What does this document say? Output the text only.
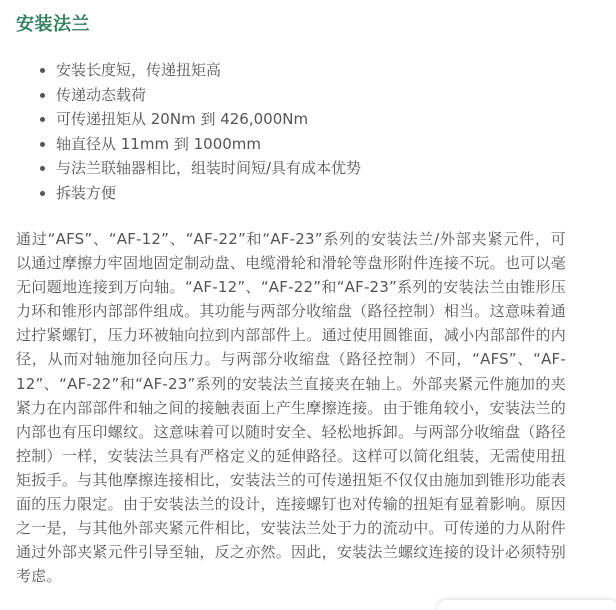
安装法兰
安装长度短，传递扭矩高
传递动态载荷
可传递扭矩从 20Nm 到 426,000Nm
轴直径从 11mm 到 1000mm
与法兰联轴器相比，组装时间短/具有成本优势
拆装方便

通过“AFS”、“AF-12”、“AF-22”和“AF-23”系列的安装法兰/外部夹紧元件，可以通过摩擦力牢固地固定制动盘、电缆滑轮和滑轮等盘形附件连接不玩。也可以毫无问题地连接到万向轴。“AF-12”、“AF-22”和“AF-23”系列的安装法兰由锥形压力环和锥形内部部件组成。其功能与两部分收缩盘（路径控制）相当。这意味着通过拧紧螺钉，压力环被轴向拉到内部部件上。通过使用圆锥面，减小内部部件的内径，从而对轴施加径向压力。与两部分收缩盘（路径控制）不同，“AFS”、“AF-12”、“AF-22”和“AF-23”系列的安装法兰直接夹在轴上。外部夹紧元件施加的夹紧力在内部部件和轴之间的接触表面上产生摩擦连接。由于锥角较小，安装法兰的内部也有压印螺纹。这意味着可以随时安全、轻松地拆卸。与两部分收缩盘（路径控制）一样，安装法兰具有严格定义的延伸路径。这样可以简化组装，无需使用扭矩扳手。与其他摩擦连接相比，安装法兰的可传递扭矩不仅仅由施加到锥形功能表面的压力限定。由于安装法兰的设计，连接螺钉也对传输的扭矩有显着影响。原因之一是，与其他外部夹紧元件相比，安装法兰处于力的流动中。可传递的力从附件通过外部夹紧元件引导至轴，反之亦然。因此，安装法兰螺纹连接的设计必须特别考虑。
